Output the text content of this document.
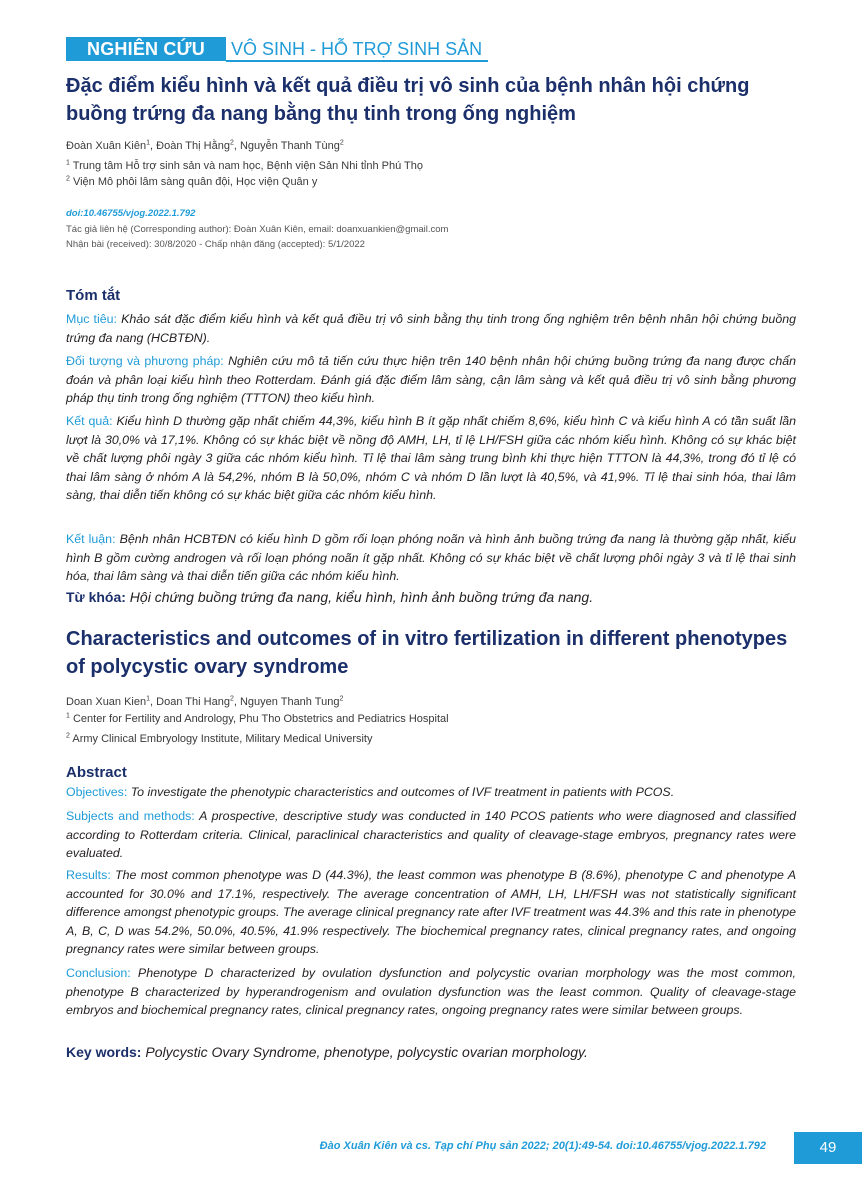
NGHIÊN CỨU	VÔ SINH - HỖ TRỢ SINH SẢN
Đặc điểm kiểu hình và kết quả điều trị vô sinh của bệnh nhân hội chứng buồng trứng đa nang bằng thụ tinh trong ống nghiệm
Đoàn Xuân Kiên$^1$, Đoàn Thị Hằng$^2$, Nguyễn Thanh Tùng$^2$
$^1$ Trung tâm Hỗ trợ sinh sản và nam học, Bệnh viện Sản Nhi tỉnh Phú Thọ
$^2$ Viện Mô phôi lâm sàng quân đội, Học viện Quân y
doi:10.46755/vjog.2022.1.792
Tác giả liên hệ (Corresponding author): Đoàn Xuân Kiên, email: doanxuankien@gmail.com
Nhận bài (received): 30/8/2020 - Chấp nhận đăng (accepted): 5/1/2022
Tóm tắt
Mục tiêu: Khảo sát đặc điểm kiểu hình và kết quả điều trị vô sinh bằng thụ tinh trong ống nghiệm trên bệnh nhân hội chứng buồng trứng đa nang (HCBTĐN).
Đối tượng và phương pháp: Nghiên cứu mô tả tiến cứu thực hiện trên 140 bệnh nhân hội chứng buồng trứng đa nang được chẩn đoán và phân loại kiểu hình theo Rotterdam. Đánh giá đặc điểm lâm sàng, cận lâm sàng và kết quả điều trị vô sinh bằng phương pháp thụ tinh trong ống nghiệm (TTTON) theo kiểu hình.
Kết quả: Kiểu hình D thường gặp nhất chiếm 44,3%, kiểu hình B ít gặp nhất chiếm 8,6%, kiểu hình C và kiểu hình A có tần suất lần lượt là 30,0% và 17,1%. Không có sự khác biệt về nồng độ AMH, LH, tỉ lệ LH/FSH giữa các nhóm kiểu hình. Không có sự khác biệt về chất lượng phôi ngày 3 giữa các nhóm kiểu hình. Tỉ lệ thai lâm sàng trung bình khi thực hiện TTTON là 44,3%, trong đó tỉ lệ có thai lâm sàng ở nhóm A là 54,2%, nhóm B là 50,0%, nhóm C và nhóm D lần lượt là 40,5%, và 41,9%. Tỉ lệ thai sinh hóa, thai lâm sàng, thai diễn tiến không có sự khác biệt giữa các nhóm kiểu hình.
Kết luận: Bệnh nhân HCBTĐN có kiểu hình D gồm rối loạn phóng noãn và hình ảnh buồng trứng đa nang là thường gặp nhất, kiểu hình B gồm cường androgen và rối loạn phóng noãn ít gặp nhất. Không có sự khác biệt về chất lượng phôi ngày 3 và tỉ lệ thai sinh hóa, thai lâm sàng và thai diễn tiến giữa các nhóm kiểu hình.
Từ khóa: Hội chứng buồng trứng đa nang, kiểu hình, hình ảnh buồng trứng đa nang.
Characteristics and outcomes of in vitro fertilization in different phenotypes of polycystic ovary syndrome
Doan Xuan Kien$^1$, Doan Thi Hang$^2$, Nguyen Thanh Tung$^2$
$^1$ Center for Fertility and Andrology, Phu Tho Obstetrics and Pediatrics Hospital
$^2$ Army Clinical Embryology Institute, Military Medical University
Abstract
Objectives: To investigate the phenotypic characteristics and outcomes of IVF treatment in patients with PCOS.
Subjects and methods: A prospective, descriptive study was conducted in 140 PCOS patients who were diagnosed and classified according to Rotterdam criteria. Clinical, paraclinical characteristics and quality of cleavage-stage embryos, pregnancy rates were evaluated.
Results: The most common phenotype was D (44.3%), the least common was phenotype B (8.6%), phenotype C and phenotype A accounted for 30.0% and 17.1%, respectively. The average concentration of AMH, LH, LH/FSH was not statistically significant difference amongst phenotypic groups. The average clinical pregnancy rate after IVF treatment was 44.3% and this rate in phenotype A, B, C, D was 54.2%, 50.0%, 40.5%, 41.9% respectively. The biochemical pregnancy rates, clinical pregnancy rates, and ongoing pregnancy rates were similar between groups.
Conclusion: Phenotype D characterized by ovulation dysfunction and polycystic ovarian morphology was the most common, phenotype B characterized by hyperandrogenism and ovulation dysfunction was the least common. Quality of cleavage-stage embryos and biochemical pregnancy rates, clinical pregnancy rates, ongoing pregnancy rates were similar between groups.
Key words: Polycystic Ovary Syndrome, phenotype, polycystic ovarian morphology.
Đào Xuân Kiên và cs. Tạp chí Phụ sản 2022; 20(1):49-54. doi:10.46755/vjog.2022.1.792	49
